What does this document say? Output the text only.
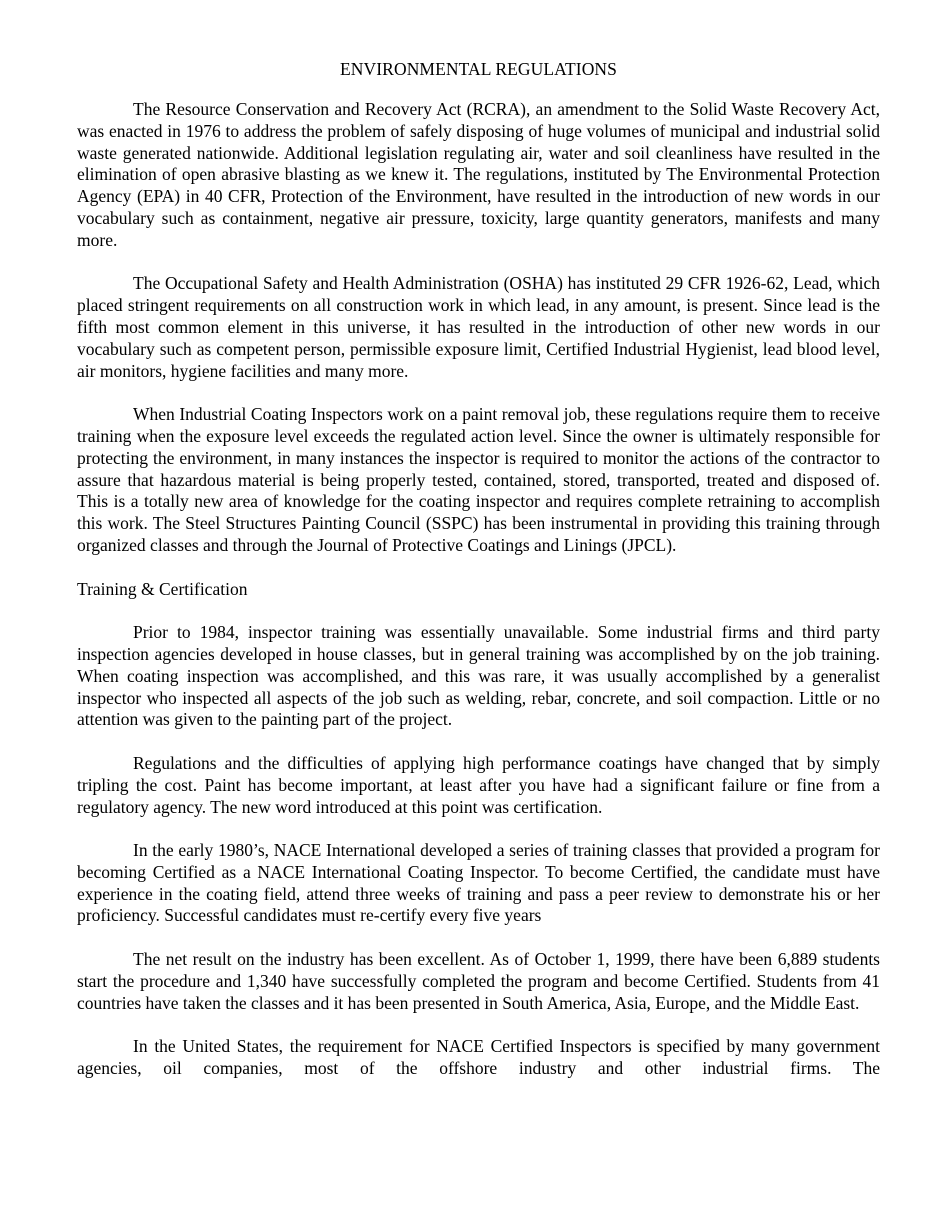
ENVIRONMENTAL REGULATIONS

The Resource Conservation and Recovery Act (RCRA), an amendment to the Solid Waste Recovery Act, was enacted in 1976 to address the problem of safely disposing of huge volumes of municipal and industrial solid waste generated nationwide. Additional legislation regulating air, water and soil cleanliness have resulted in the elimination of open abrasive blasting as we knew it. The regulations, instituted by The Environmental Protection Agency (EPA) in 40 CFR, Protection of the Environment, have resulted in the introduction of new words in our vocabulary such as containment, negative air pressure, toxicity, large quantity generators, manifests and many more.

The Occupational Safety and Health Administration (OSHA) has instituted 29 CFR 1926-62, Lead, which placed stringent requirements on all construction work in which lead, in any amount, is present. Since lead is the fifth most common element in this universe, it has resulted in the introduction of other new words in our vocabulary such as competent person, permissible exposure limit, Certified Industrial Hygienist, lead blood level, air monitors, hygiene facilities and many more.

When Industrial Coating Inspectors work on a paint removal job, these regulations require them to receive training when the exposure level exceeds the regulated action level. Since the owner is ultimately responsible for protecting the environment, in many instances the inspector is required to monitor the actions of the contractor to assure that hazardous material is being properly tested, contained, stored, transported, treated and disposed of. This is a totally new area of knowledge for the coating inspector and requires complete retraining to accomplish this work. The Steel Structures Painting Council (SSPC) has been instrumental in providing this training through organized classes and through the Journal of Protective Coatings and Linings (JPCL).

Training & Certification

Prior to 1984, inspector training was essentially unavailable. Some industrial firms and third party inspection agencies developed in house classes, but in general training was accomplished by on the job training. When coating inspection was accomplished, and this was rare, it was usually accomplished by a generalist inspector who inspected all aspects of the job such as welding, rebar, concrete, and soil compaction. Little or no attention was given to the painting part of the project.

Regulations and the difficulties of applying high performance coatings have changed that by simply tripling the cost. Paint has become important, at least after you have had a significant failure or fine from a regulatory agency. The new word introduced at this point was certification.

In the early 1980’s, NACE International developed a series of training classes that provided a program for becoming Certified as a NACE International Coating Inspector. To become Certified, the candidate must have experience in the coating field, attend three weeks of training and pass a peer review to demonstrate his or her proficiency. Successful candidates must re-certify every five years

The net result on the industry has been excellent. As of October 1, 1999, there have been 6,889 students start the procedure and 1,340 have successfully completed the program and become Certified. Students from 41 countries have taken the classes and it has been presented in South America, Asia, Europe, and the Middle East.

In the United States, the requirement for NACE Certified Inspectors is specified by many government agencies, oil companies, most of the offshore industry and other industrial firms. The
